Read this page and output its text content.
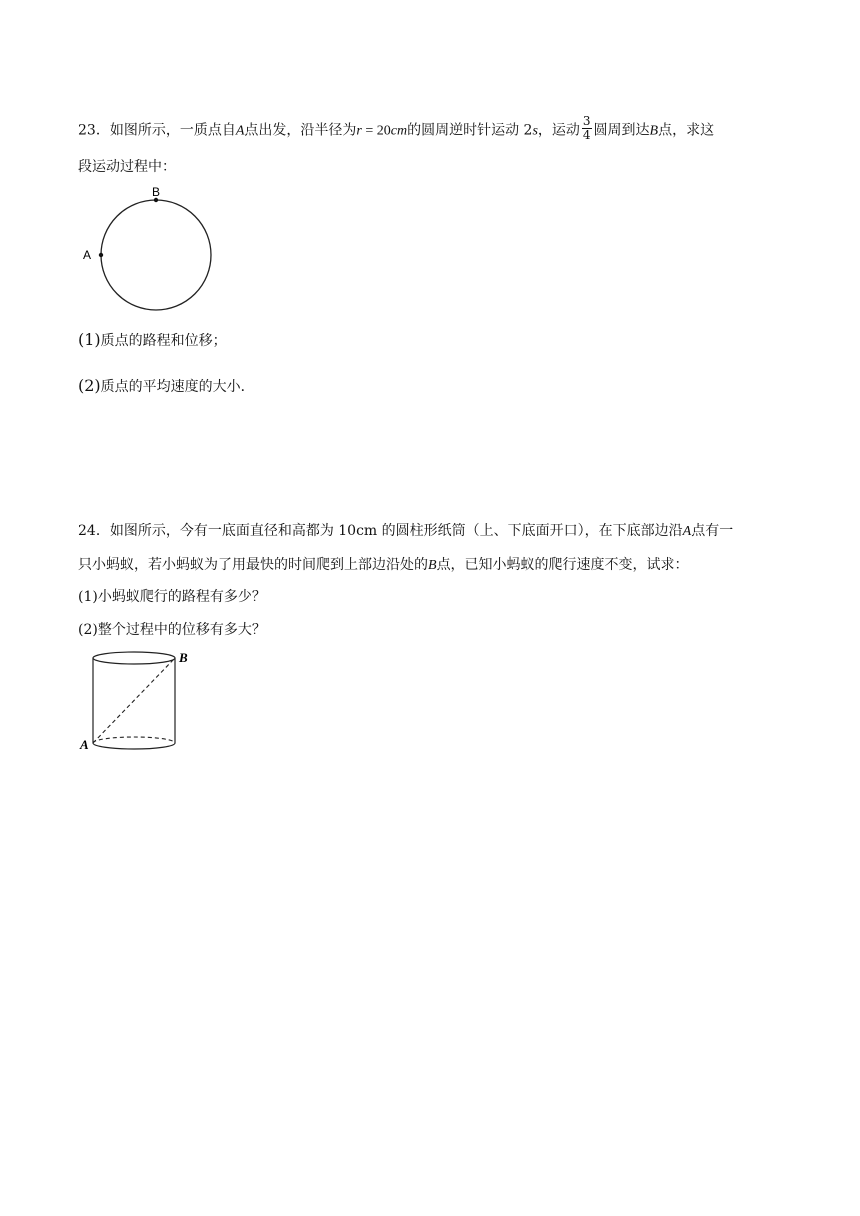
23．如图所示，一质点自A点出发，沿半径为r = 20cm的圆周逆时针运动 2s，运动 $\frac{3}{4}$ 圆周到达B点，求这
段运动过程中：
A
B
(1)质点的路程和位移；
(2)质点的平均速度的大小．
24．如图所示，今有一底面直径和高都为 10cm 的圆柱形纸筒（上、下底面开口），在下底部边沿A点有一
只小蚂蚁，若小蚂蚁为了用最快的时间爬到上部边沿处的B点，已知小蚂蚁的爬行速度不变，试求：
(1)小蚂蚁爬行的路程有多少？
(2)整个过程中的位移有多大？
B
A
